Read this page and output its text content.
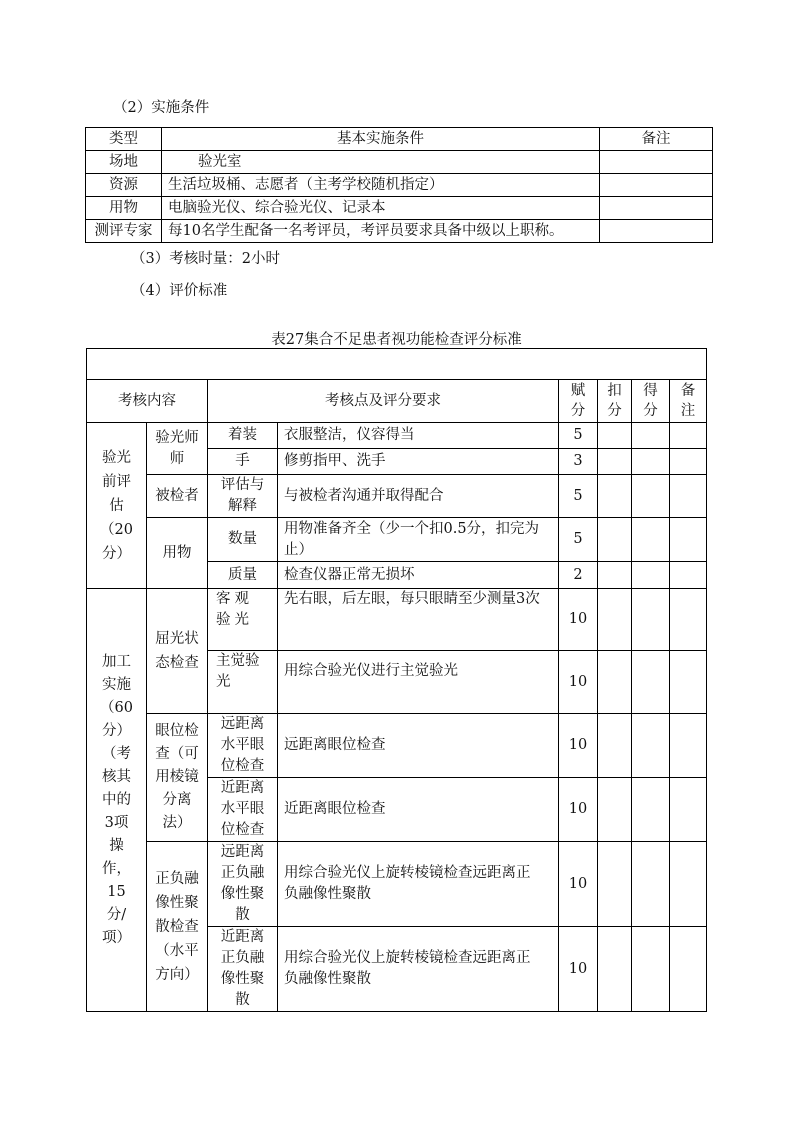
（2）实施条件
类型	基本实施条件	备注
场地	验光室	
资源	生活垃圾桶、志愿者（主考学校随机指定）	
用物	电脑验光仪、综合验光仪、记录本	
测评专家	每10名学生配备一名考评员，考评员要求具备中级以上职称。	
（3）考核时量：2小时
（4）评价标准
表27集合不足患者视功能检查评分标准

考核内容		考核点及评分要求		赋分	扣分	得分	备注
验光前评估（20分）	验光师师	着装	衣服整洁，仪容得当	5			
		手	修剪指甲、洗手	3			
	被检者	评估与解释	与被检者沟通并取得配合	5			
	用物	数量	用物准备齐全（少一个扣0.5分，扣完为止）	5			
		质量	检查仪器正常无损坏	2			
加工实施（60分）（考核其中的3项操作，15分/项）	屈光状态检查	客观验光	先右眼，后左眼，每只眼睛至少测量3次	10			
		主觉验光	用综合验光仪进行主觉验光	10			
	眼位检查（可用棱镜分离法）	远距离水平眼位检查	远距离眼位检查	10			
		近距离水平眼位检查	近距离眼位检查	10			
	正负融像性聚散检查（水平方向）	远距离正负融像性聚散	用综合验光仪上旋转棱镜检查远距离正负融像性聚散	10			
		近距离正负融像性聚散	用综合验光仪上旋转棱镜检查远距离正负融像性聚散	10			
